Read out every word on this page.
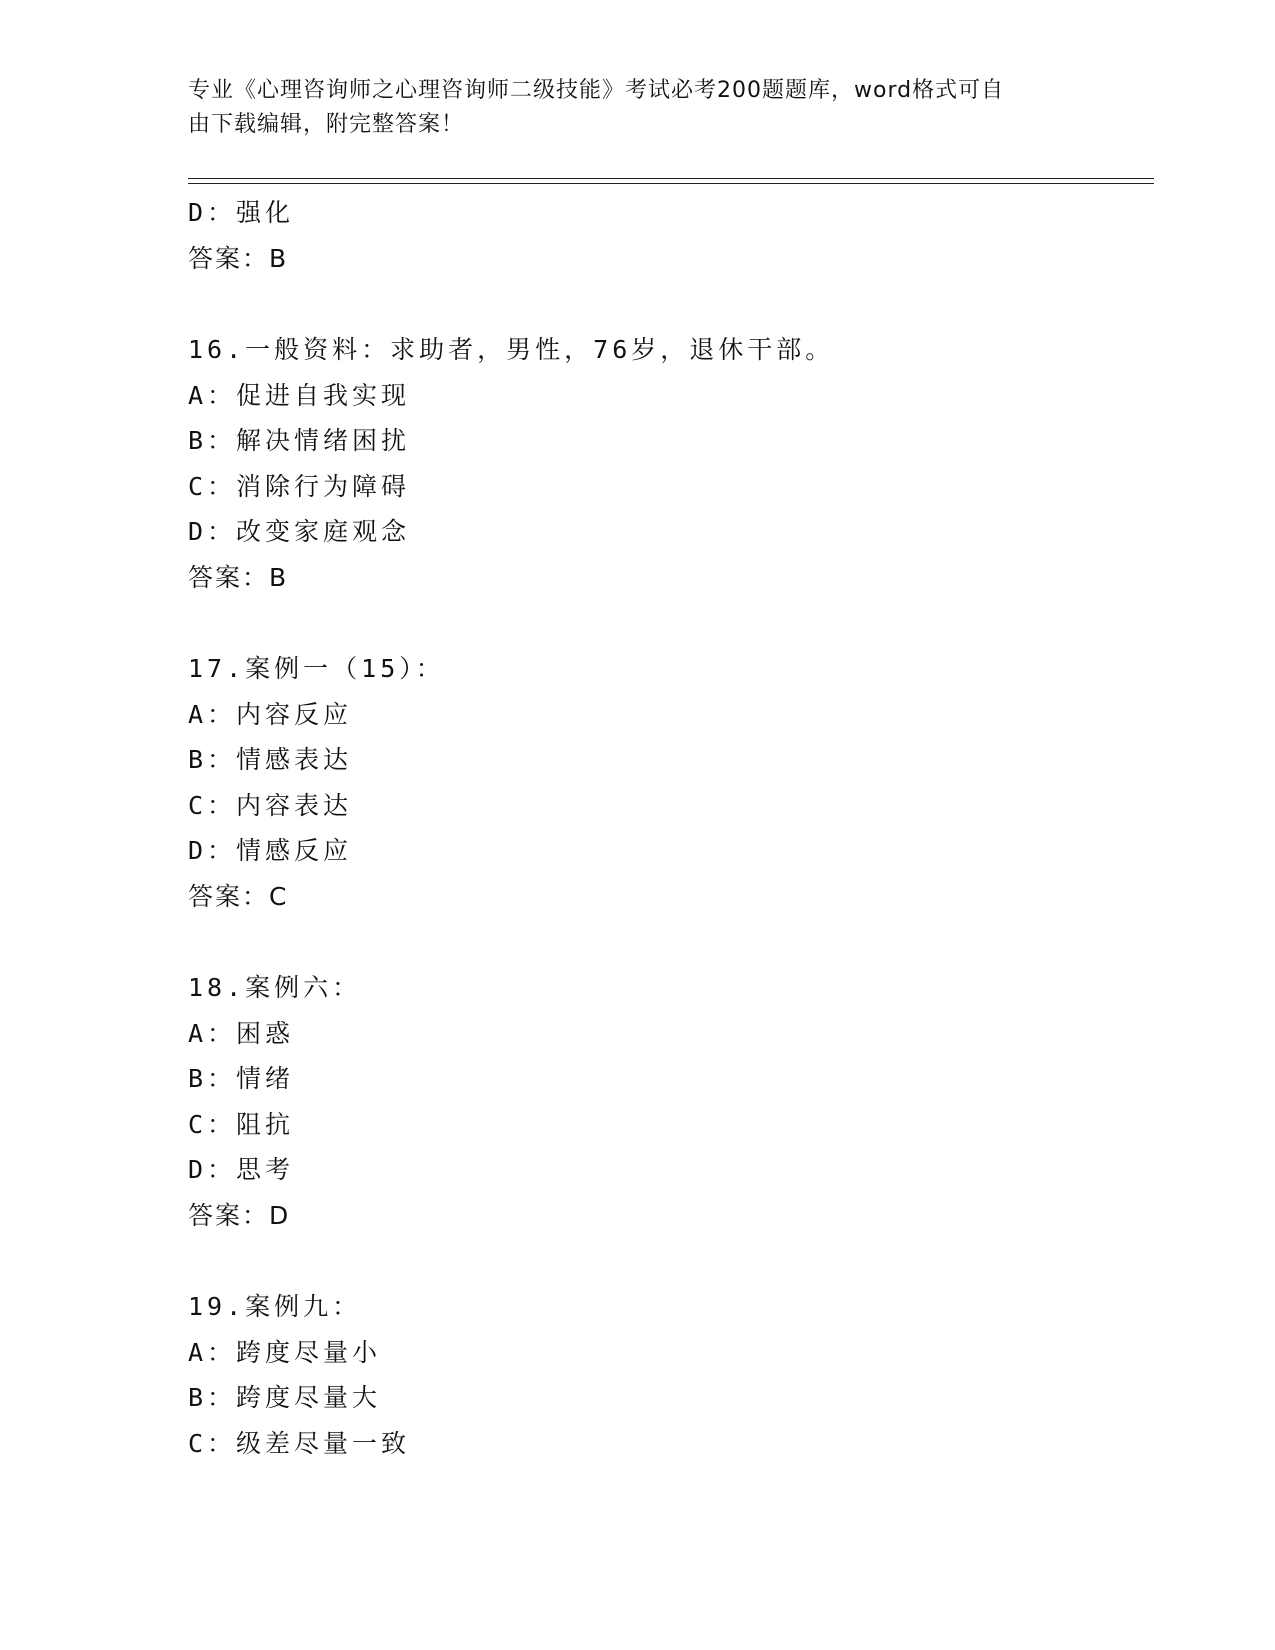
专业《心理咨询师之心理咨询师二级技能》考试必考200题题库，word格式可自
由下载编辑，附完整答案！
D：强化
答案：B
16.一般资料：求助者，男性，76岁，退休干部。
A：促进自我实现
B：解决情绪困扰
C：消除行为障碍
D：改变家庭观念
答案：B
17.案例一（15）：
A：内容反应
B：情感表达
C：内容表达
D：情感反应
答案：C
18.案例六：
A：困惑
B：情绪
C：阻抗
D：思考
答案：D
19.案例九：
A：跨度尽量小
B：跨度尽量大
C：级差尽量一致
